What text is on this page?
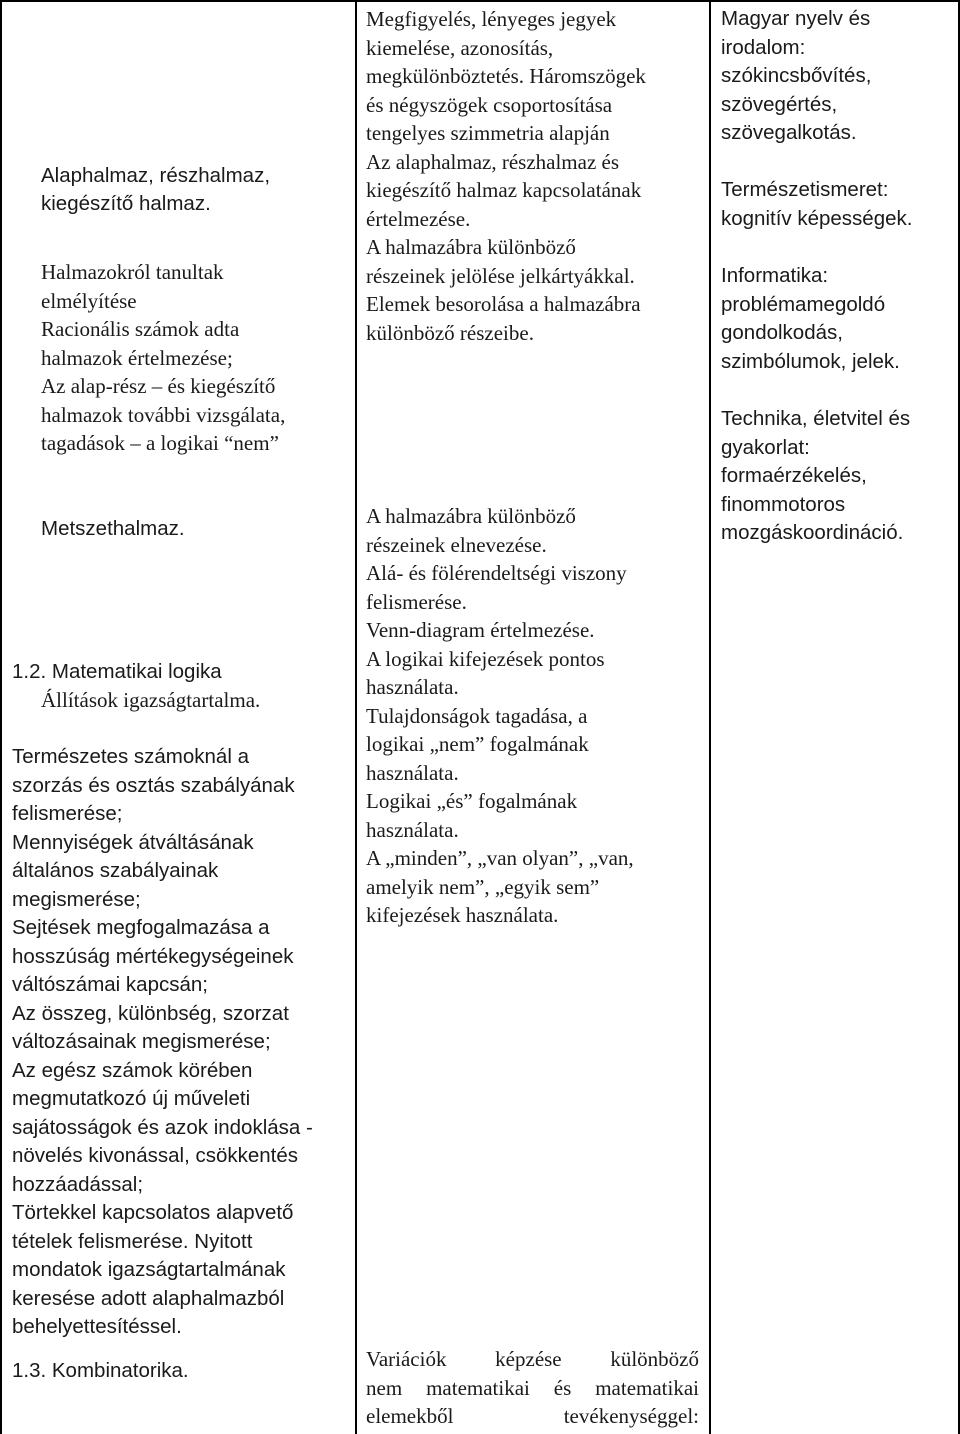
Alaphalmaz, részhalmaz,
kiegészítő halmaz.
Halmazokról tanultak
elmélyítése
Racionális számok adta
halmazok értelmezése;
Az alap-rész – és kiegészítő
halmazok további vizsgálata,
tagadások – a logikai “nem”
Metszethalmaz.
1.2. Matematikai logika
Állítások igazságtartalma.
Természetes számoknál a
szorzás és osztás szabályának
felismerése;
Mennyiségek átváltásának
általános szabályainak
megismerése;
Sejtések megfogalmazása a
hosszúság mértékegységeinek
váltószámai kapcsán;
Az összeg, különbség, szorzat
változásainak megismerése;
Az egész számok körében
megmutatkozó új műveleti
sajátosságok és azok indoklása -
növelés kivonással, csökkentés
hozzáadással;
Törtekkel kapcsolatos alapvető
tételek felismerése. Nyitott
mondatok igazságtartalmának
keresése adott alaphalmazból
behelyettesítéssel.
1.3. Kombinatorika.
Megfigyelés, lényeges jegyek
kiemelése, azonosítás,
megkülönböztetés. Háromszögek
és négyszögek csoportosítása
tengelyes szimmetria alapján
Az alaphalmaz, részhalmaz és
kiegészítő halmaz kapcsolatának
értelmezése.
A halmazábra különböző
részeinek jelölése jelkártyákkal.
Elemek besorolása a halmazábra
különböző részeibe.
A halmazábra különböző
részeinek elnevezése.
Alá- és fölérendeltségi viszony
felismerése.
Venn-diagram értelmezése.
A logikai kifejezések pontos
használata.
Tulajdonságok tagadása, a
logikai „nem” fogalmának
használata.
Logikai „és” fogalmának
használata.
A „minden”, „van olyan”, „van,
amelyik nem”, „egyik sem”
kifejezések használata.
Variációk képzése különböző
nem matematikai és matematikai
elemekből tevékenységgel:
Magyar nyelv és
irodalom:
szókincsbővítés,
szövegértés,
szövegalkotás.
Természetismeret:
kognitív képességek.
Informatika:
problémamegoldó
gondolkodás,
szimbólumok, jelek.
Technika, életvitel és
gyakorlat:
formaérzékelés,
finommotoros
mozgáskoordináció.
